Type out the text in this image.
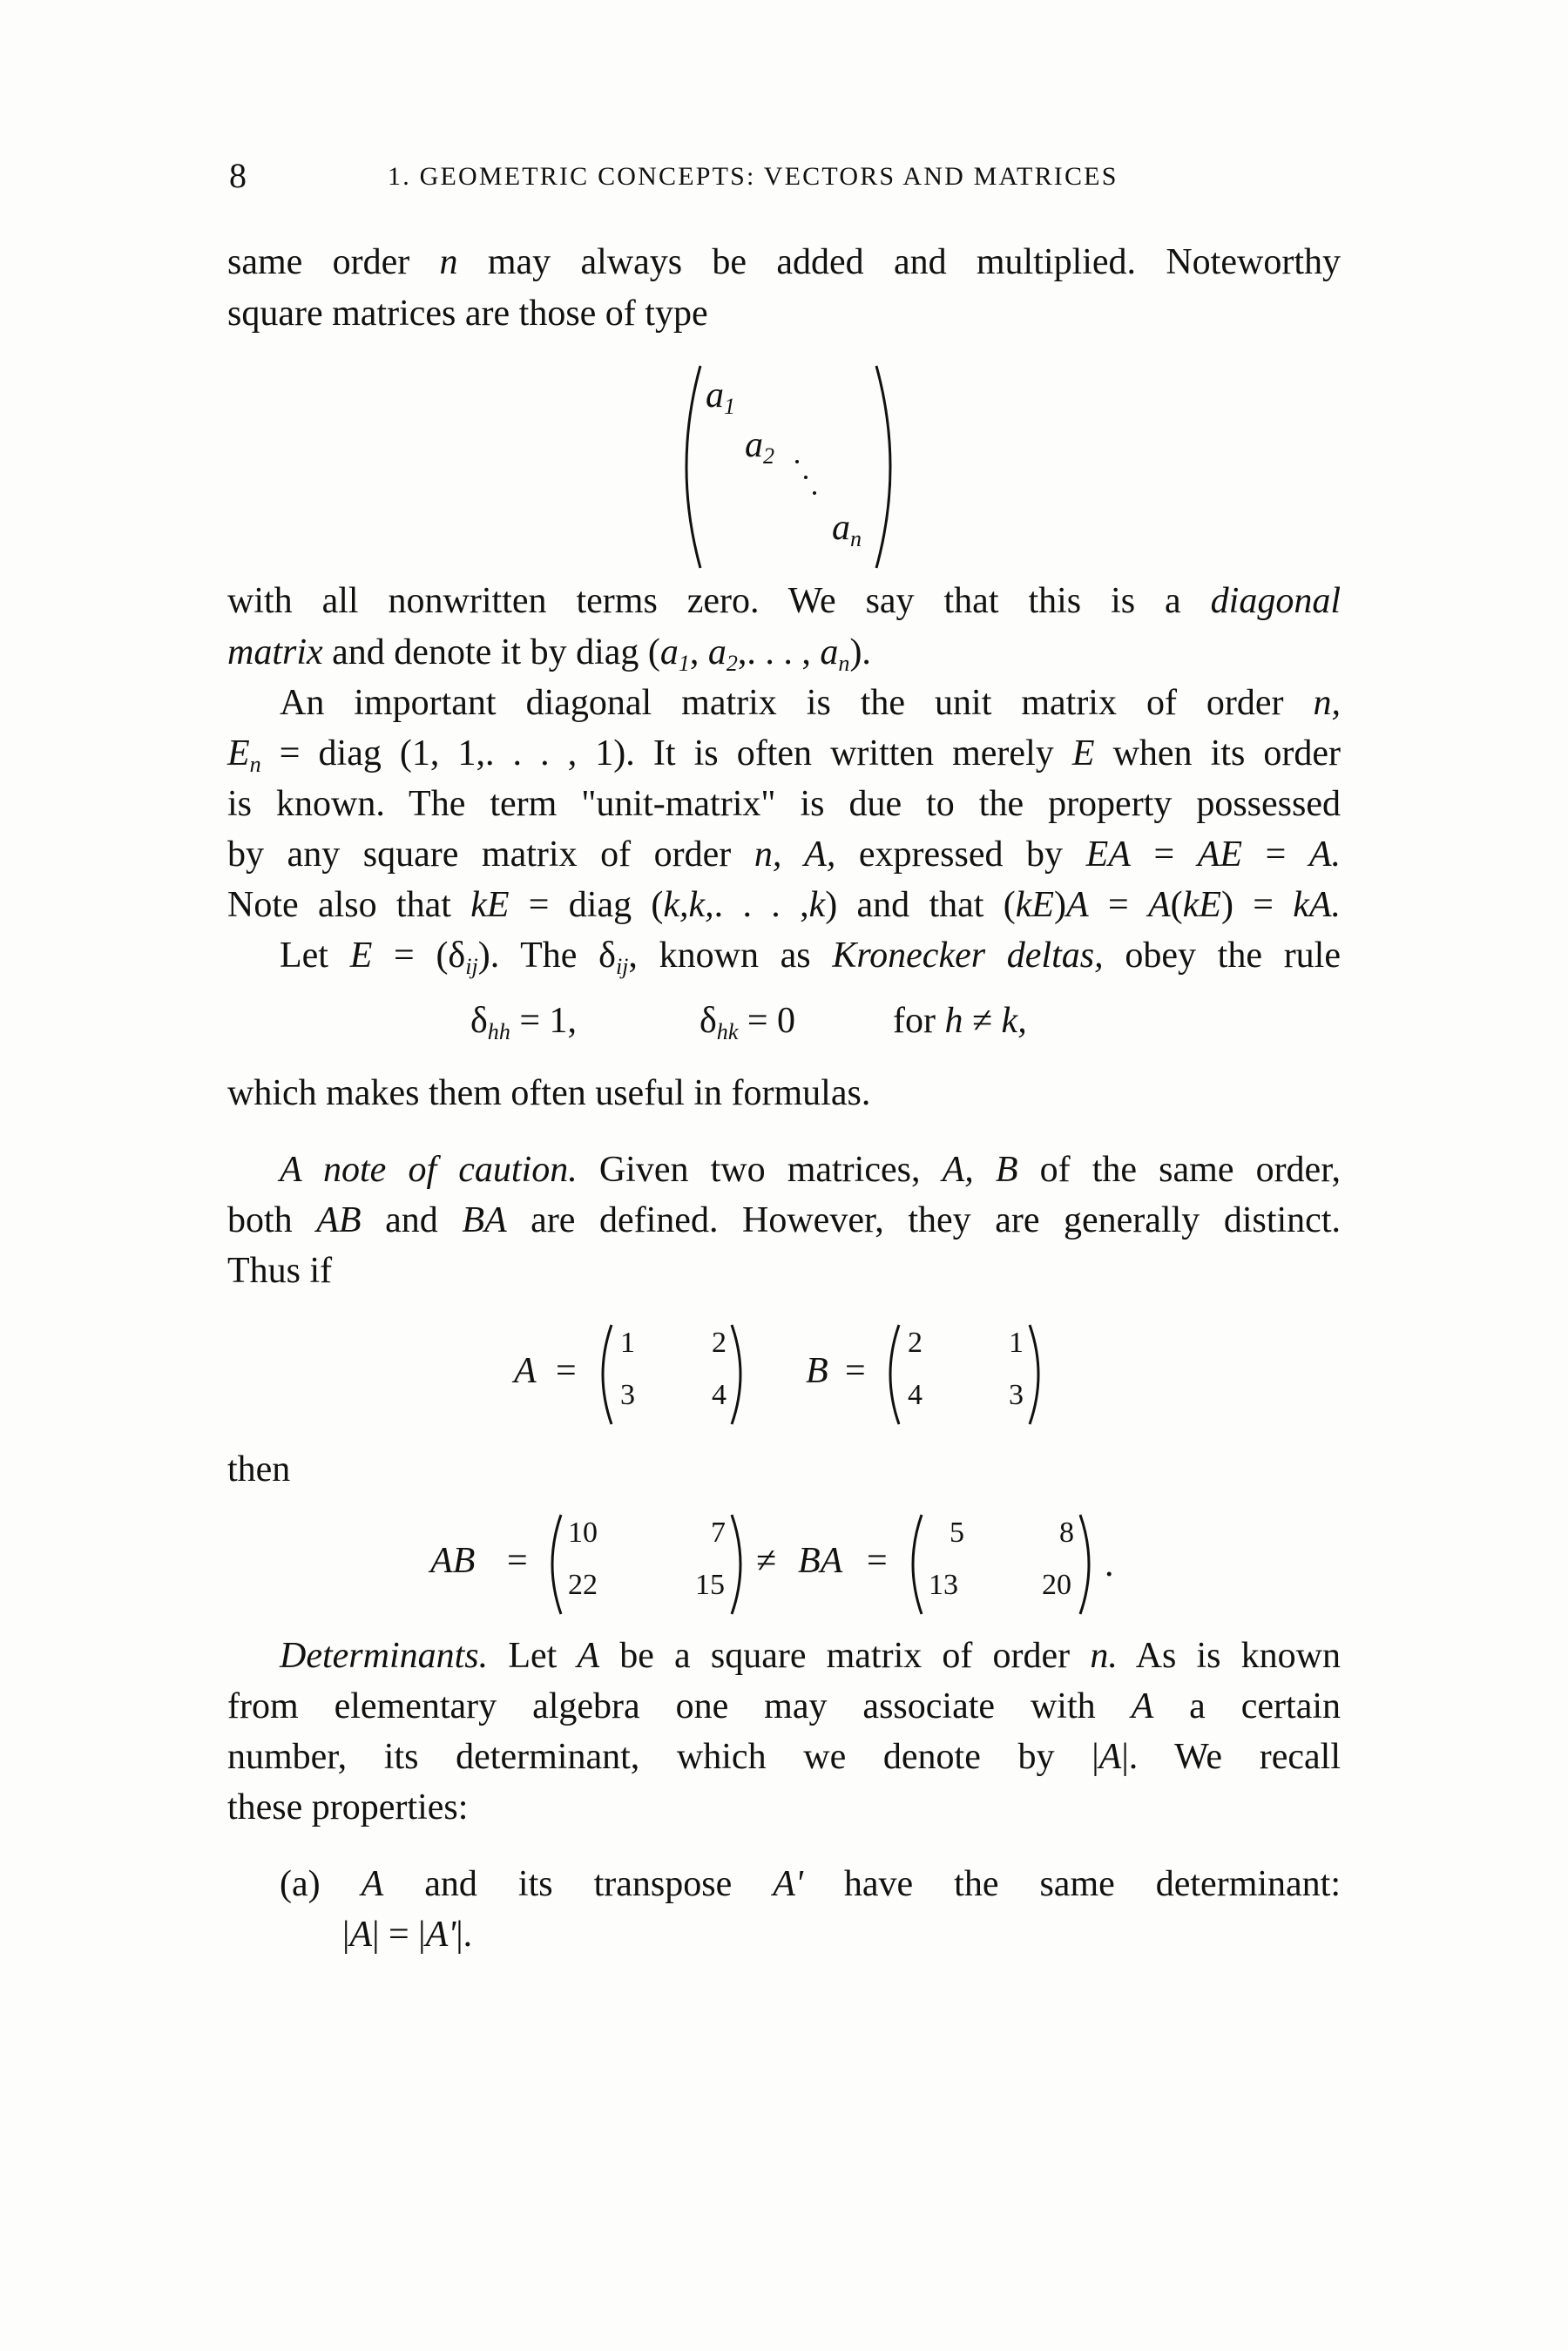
8	1. GEOMETRIC CONCEPTS: VECTORS AND MATRICES
same order n may always be added and multiplied. Noteworthy
square matrices are those of type
$a_1$
$a_2$
$a_n$
with all nonwritten terms zero. We say that this is a diagonal
matrix and denote it by diag ($a_1$, $a_2$,. . . , $a_n$).
An important diagonal matrix is the unit matrix of order n,
$E_n$ = diag (1, 1,. . . , 1). It is often written merely E when its order
is known. The term "unit-matrix" is due to the property possessed
by any square matrix of order n, A, expressed by EA = AE = A.
Note also that kE = diag (k,k,. . . ,k) and that (kE)A = A(kE) = kA.
Let $E = (\delta_{ij})$. The $\delta_{ij}$, known as Kronecker deltas, obey the rule
$\delta_{hh} = 1$,	$\delta_{hk} = 0$	for h ≠ k,
which makes them often useful in formulas.
A note of caution. Given two matrices, A, B of the same order,
both AB and BA are defined. However, they are generally distinct.
Thus if
A =
1	2
3	4
B =
2	1
4	3
then
AB =
10	7
22	15
≠ BA =
5	8
13	20
.
Determinants. Let A be a square matrix of order n. As is known
from elementary algebra one may associate with A a certain
number, its determinant, which we denote by |A|. We recall
these properties:
(a) A and its transpose A' have the same determinant:
|A| = |A'|.
